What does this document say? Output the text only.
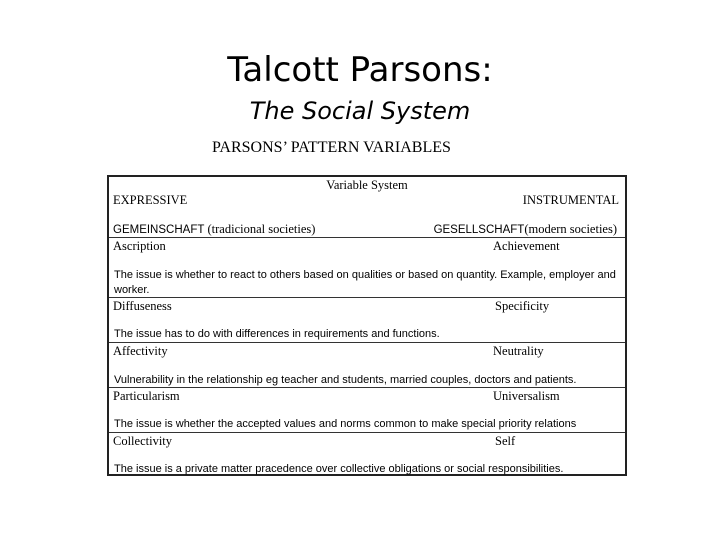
Talcott Parsons:
The Social System
PARSONS’ PATTERN VARIABLES
Variable System
EXPRESSIVE	INSTRUMENTAL
GEMEINSCHAFT (tradicional societies)	GESELLSCHAFT(modern societies)
Ascription	Achievement
The issue is whether to react to others based on qualities or based on quantity. Example, employer and worker.
Diffuseness	Specificity
The issue has to do with differences in requirements and functions.
Affectivity	Neutrality
Vulnerability in the relationship eg teacher and students, married couples, doctors and patients.
Particularism	Universalism
The issue is whether the accepted values and norms common to make special priority relations
Collectivity	Self
The issue is a private matter pracedence over collective obligations or social responsibilities.
